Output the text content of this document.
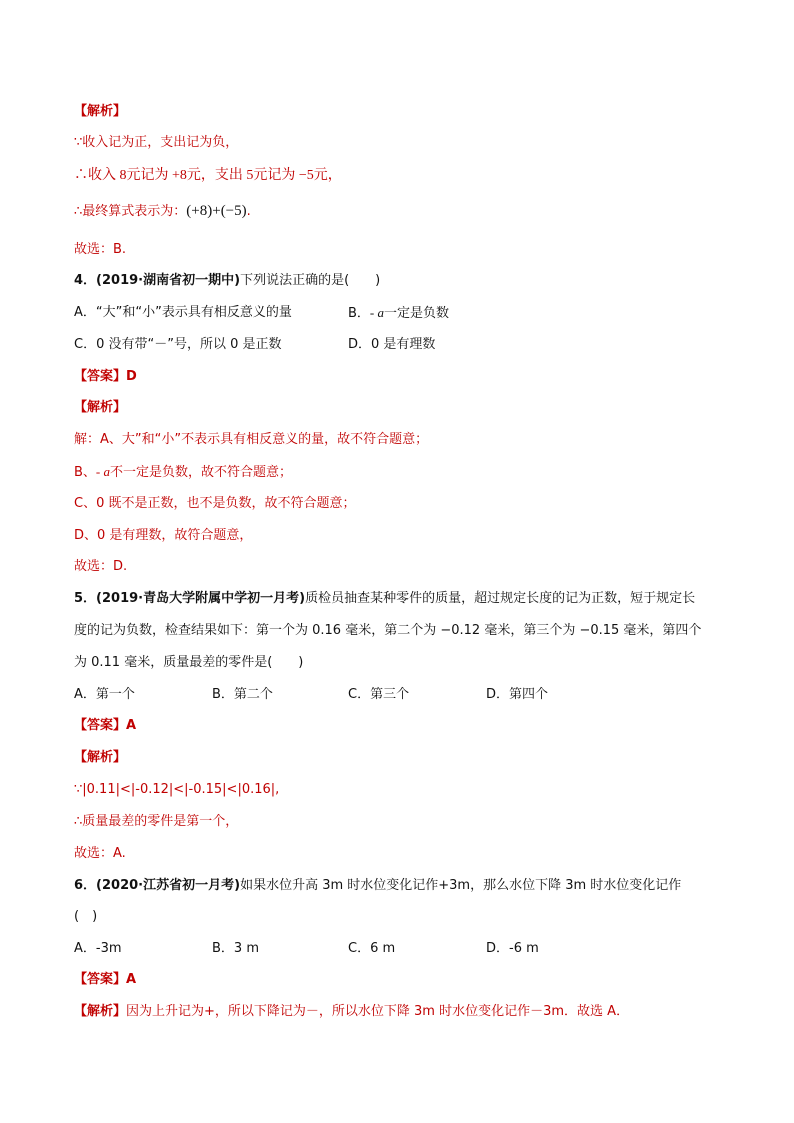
【解析】
∵收入记为正，支出记为负，
∴收入 8元记为 +8元，支出 5元记为 −5元，
∴最终算式表示为：(+8)+(−5).
故选：B.
4．(2019·湖南省初一期中)下列说法正确的是(　　)
A．“大”和“小”表示具有相反意义的量	B．- a一定是负数
C．0 没有带“－”号，所以 0 是正数	D．0 是有理数
【答案】D
【解析】
解：A、大”和“小”不表示具有相反意义的量，故不符合题意；
B、- a不一定是负数，故不符合题意；
C、0 既不是正数，也不是负数，故不符合题意；
D、0 是有理数，故符合题意，
故选：D.
5．(2019·青岛大学附属中学初一月考)质检员抽查某种零件的质量，超过规定长度的记为正数，短于规定长
度的记为负数，检查结果如下：第一个为 0.16 毫米，第二个为 −0.12 毫米，第三个为 −0.15 毫米，第四个
为 0.11 毫米，质量最差的零件是(　　)
A．第一个	B．第二个	C．第三个	D．第四个
【答案】A
【解析】
∵|0.11|<|-0.12|<|-0.15|<|0.16|,
∴质量最差的零件是第一个，
故选：A.
6．(2020·江苏省初一月考)如果水位升高 3m 时水位变化记作+3m，那么水位下降 3m 时水位变化记作
(　)
A．-3m	B．3 m	C．6 m	D．-6 m
【答案】A
【解析】因为上升记为+，所以下降记为－，所以水位下降 3m 时水位变化记作－3m．故选 A．
